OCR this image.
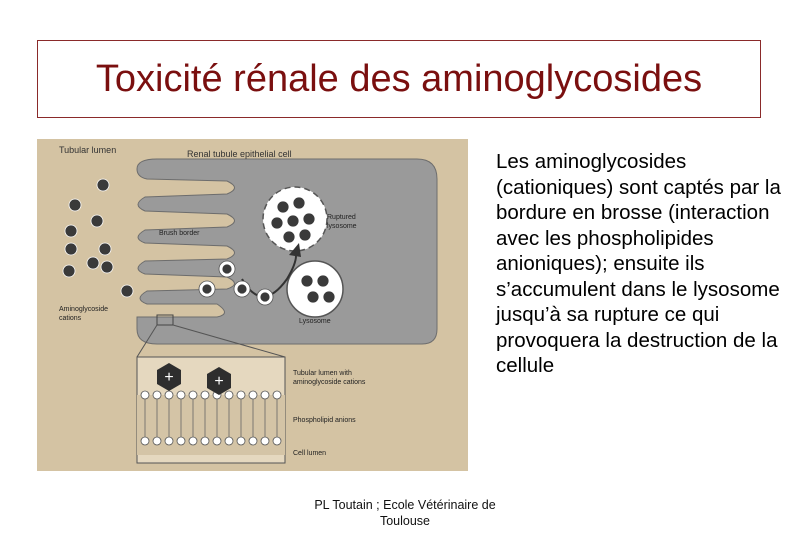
Toxicité rénale des aminoglycosides
+	+
Tubular lumen	Renal tubule epithelial cell
Brush border
Ruptured
lysosome
Aminoglycoside
cations	Lysosome
Tubular lumen with
aminoglycoside cations
Phospholipid anions
Cell lumen
Les aminoglycosides (cationiques) sont captés par la bordure en brosse (interaction avec les phospholipides anioniques); ensuite ils s’accumulent dans le lysosome jusqu’à sa rupture ce qui provoquera la destruction de la cellule
PL Toutain ; Ecole Vétérinaire de Toulouse
